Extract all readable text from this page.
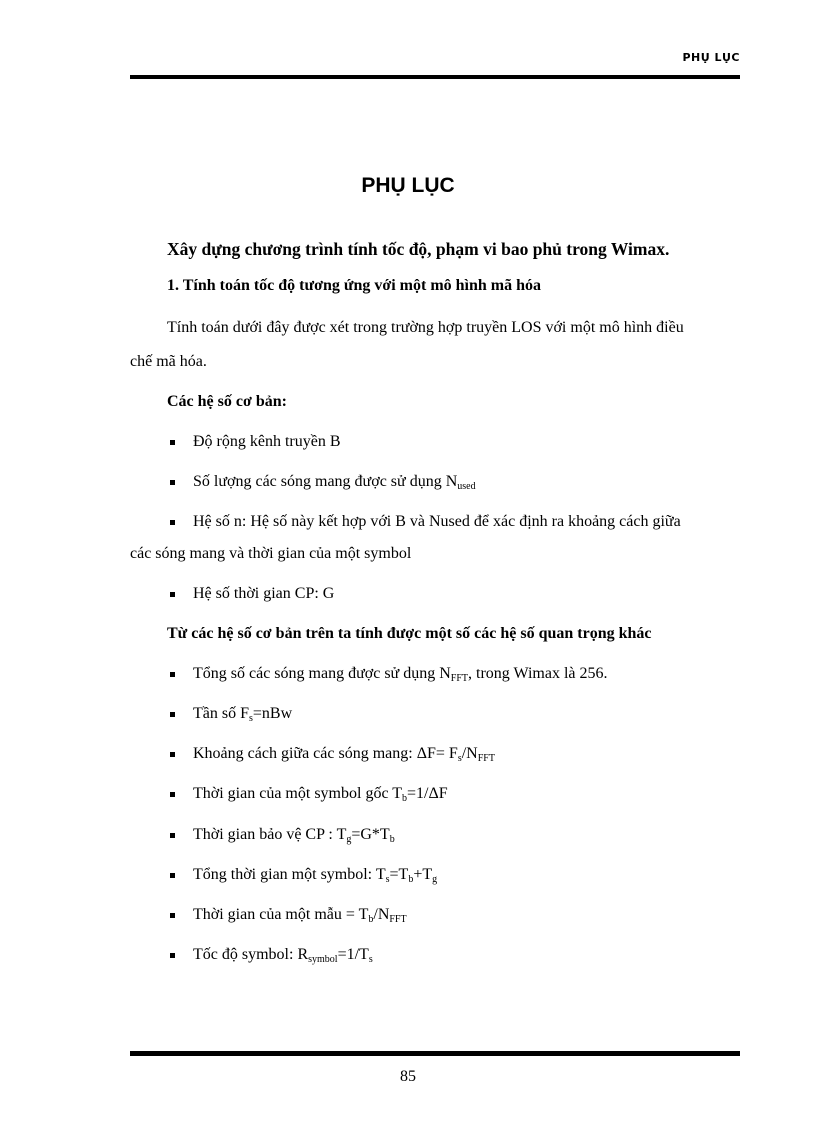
PHỤ LỤC
PHỤ LỤC
Xây dựng chương trình tính tốc độ, phạm vi bao phủ trong Wimax.
1. Tính toán tốc độ tương ứng với một mô hình mã hóa
Tính toán dưới đây được xét trong trường hợp truyền LOS với một mô hình điều
chế mã hóa.
Các hệ số cơ bản:
Độ rộng kênh truyền B
Số lượng các sóng mang được sử dụng $N_{used}$
Hệ số n: Hệ số này kết hợp với B và Nused để xác định ra khoảng cách giữa
các sóng mang và thời gian của một symbol
Hệ số thời gian CP: G
Từ các hệ số cơ bản trên ta tính được một số các hệ số quan trọng khác
Tổng số các sóng mang được sử dụng $N_{FFT}$, trong Wimax là 256.
Tần số $F_s=nBw$
Khoảng cách giữa các sóng mang: $\Delta F= F_s/N_{FFT}$
Thời gian của một symbol gốc $T_b=1/\Delta F$
Thời gian bảo vệ CP : $T_g=G*T_b$
Tổng thời gian một symbol: $T_s=T_b+T_g$
Thời gian của một mẫu = $T_b/N_{FFT}$
Tốc độ symbol: $R_{symbol}=1/T_s$
85
